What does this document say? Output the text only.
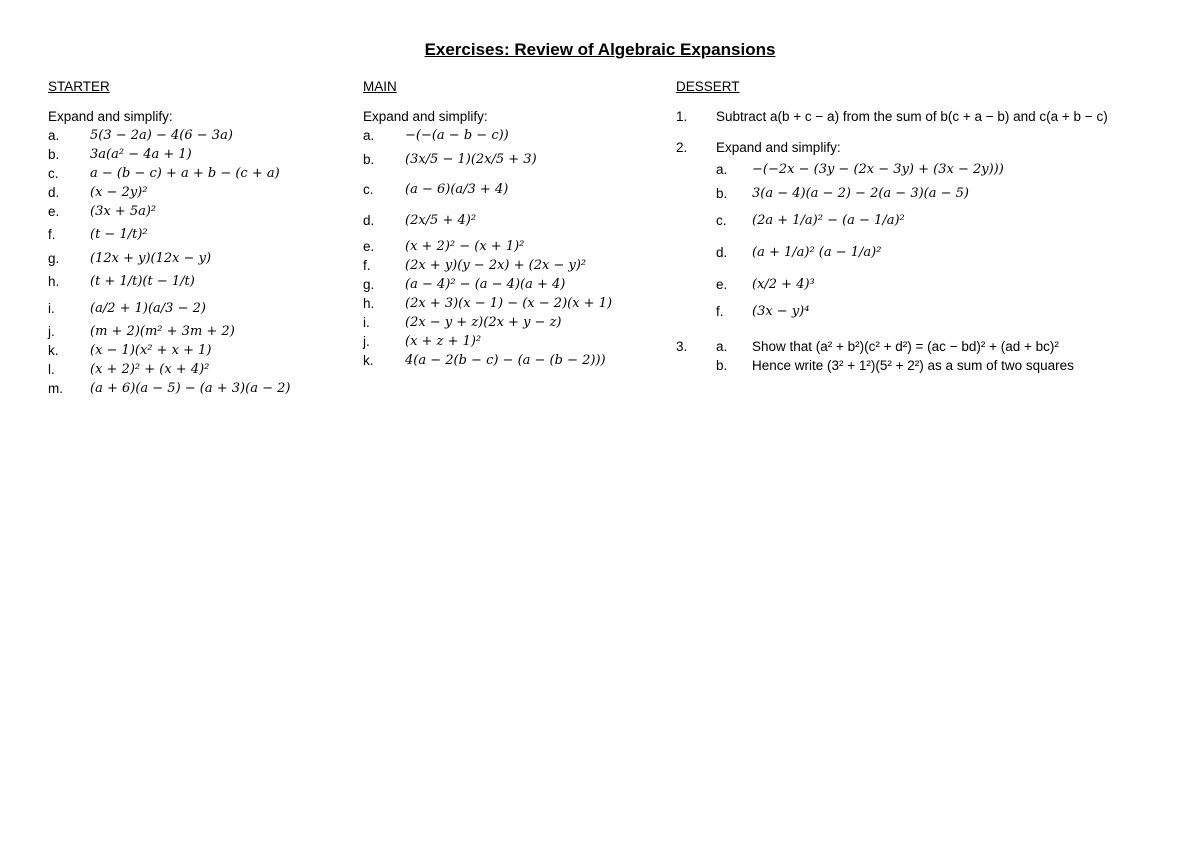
Exercises: Review of Algebraic Expansions
STARTER
Expand and simplify:
a.	5(3 − 2a) − 4(6 − 3a)
b.	3a(a² − 4a + 1)
c.	a − (b − c) + a + b − (c + a)
d.	(x − 2y)²
e.	(3x + 5a)²
f.	(t − 1/t)²
g.	(12x + y)(12x − y)
h.	(t + 1/t)(t − 1/t)
i.	(a/2 + 1)(a/3 − 2)
j.	(m + 2)(m² + 3m + 2)
k.	(x − 1)(x² + x + 1)
l.	(x + 2)² + (x + 4)²
m.	(a + 6)(a − 5) − (a + 3)(a − 2)
MAIN
Expand and simplify:
a.	−(−(a − b − c))
b.	(3x/5 − 1)(2x/5 + 3)
c.	(a − 6)(a/3 + 4)
d.	(2x/5 + 4)²
e.	(x + 2)² − (x + 1)²
f.	(2x + y)(y − 2x) + (2x − y)²
g.	(a − 4)² − (a − 4)(a + 4)
h.	(2x + 3)(x − 1) − (x − 2)(x + 1)
i.	(2x − y + z)(2x + y − z)
j.	(x + z + 1)²
k.	4(a − 2(b − c) − (a − (b − 2)))
DESSERT
1.	Subtract a(b + c − a) from the sum of b(c + a − b) and c(a + b − c)
2.	Expand and simplify:
a.	−(−2x − (3y − (2x − 3y) + (3x − 2y)))
b.	3(a − 4)(a − 2) − 2(a − 3)(a − 5)
c.	(2a + 1/a)² − (a − 1/a)²
d.	(a + 1/a)² (a − 1/a)²
e.	(x/2 + 4)³
f.	(3x − y)⁴
3.	a.	Show that (a² + b²)(c² + d²) = (ac − bd)² + (ad + bc)²
b.	Hence write (3² + 1²)(5² + 2²) as a sum of two squares
